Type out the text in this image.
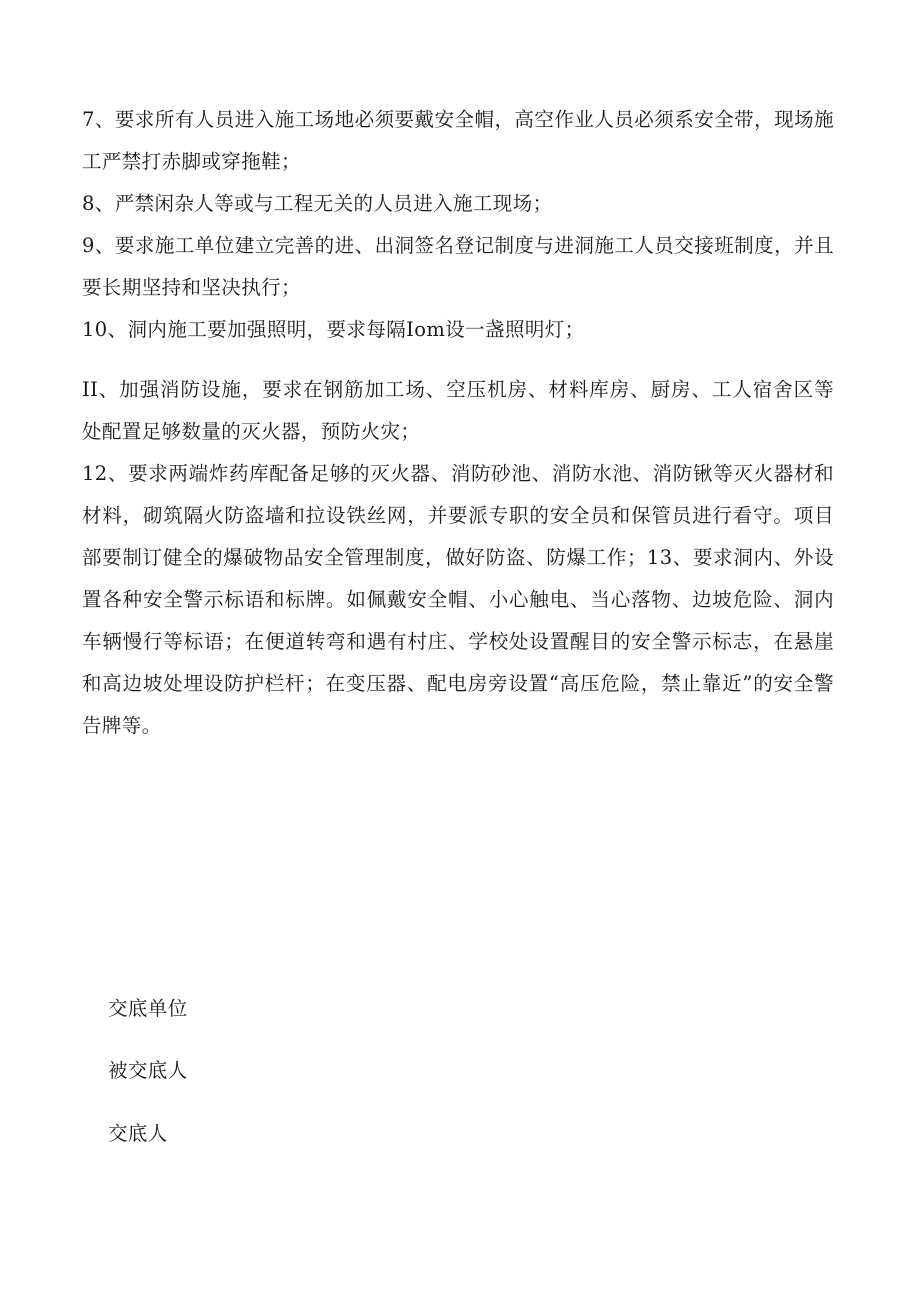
7、要求所有人员进入施工场地必须要戴安全帽，高空作业人员必须系安全带，现场施工严禁打赤脚或穿拖鞋；

8、严禁闲杂人等或与工程无关的人员进入施工现场；

9、要求施工单位建立完善的进、出洞签名登记制度与进洞施工人员交接班制度，并且要长期坚持和坚决执行；

10、洞内施工要加强照明，要求每隔Iom设一盏照明灯；

II、加强消防设施，要求在钢筋加工场、空压机房、材料库房、厨房、工人宿舍区等处配置足够数量的灭火器，预防火灾；

12、要求两端炸药库配备足够的灭火器、消防砂池、消防水池、消防锹等灭火器材和材料，砌筑隔火防盗墙和拉设铁丝网，并要派专职的安全员和保管员进行看守。项目部要制订健全的爆破物品安全管理制度，做好防盗、防爆工作；13、要求洞内、外设置各种安全警示标语和标牌。如佩戴安全帽、小心触电、当心落物、边坡危险、洞内车辆慢行等标语；在便道转弯和遇有村庄、学校处设置醒目的安全警示标志，在悬崖和高边坡处埋设防护栏杆；在变压器、配电房旁设置“高压危险，禁止靠近”的安全警告牌等。

交底单位
被交底人
交底人
